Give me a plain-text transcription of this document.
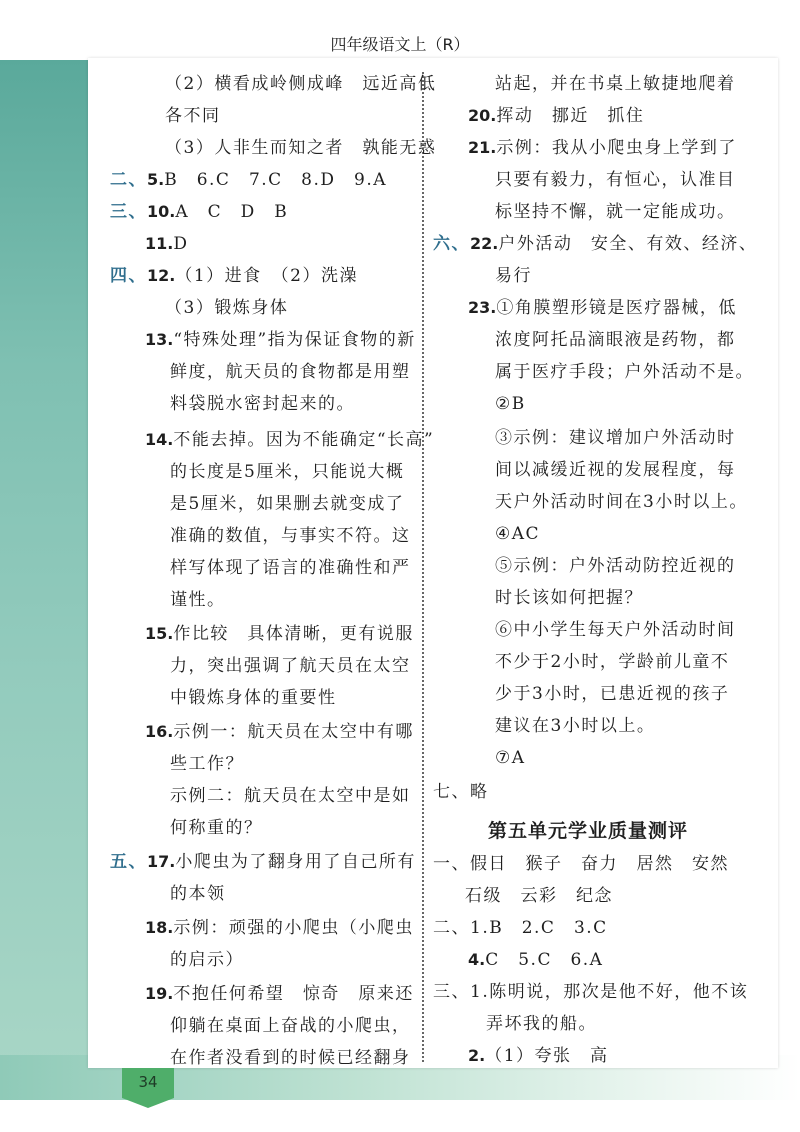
四年级语文上（R）
（2）横看成岭侧成峰　远近高低
各不同
（3）人非生而知之者　孰能无惑
二、5.B　6.C　7.C　8.D　9.A
三、10.A　C　D　B
11.D
四、12.（1）进食　（2）洗澡
（3）锻炼身体
13.“特殊处理”指为保证食物的新
鲜度，航天员的食物都是用塑
料袋脱水密封起来的。
14.不能去掉。因为不能确定“长高”
的长度是5厘米，只能说大概
是5厘米，如果删去就变成了
准确的数值，与事实不符。这
样写体现了语言的准确性和严
谨性。
15.作比较　具体清晰，更有说服
力，突出强调了航天员在太空
中锻炼身体的重要性
16.示例一：航天员在太空中有哪
些工作？
示例二：航天员在太空中是如
何称重的？
五、17.小爬虫为了翻身用了自己所有
的本领
18.示例：顽强的小爬虫（小爬虫
的启示）
19.不抱任何希望　惊奇　原来还
仰躺在桌面上奋战的小爬虫，
在作者没看到的时候已经翻身
站起，并在书桌上敏捷地爬着
20.挥动　挪近　抓住
21.示例：我从小爬虫身上学到了
只要有毅力，有恒心，认准目
标坚持不懈，就一定能成功。
六、22.户外活动　安全、有效、经济、
易行
23.①角膜塑形镜是医疗器械，低
浓度阿托品滴眼液是药物，都
属于医疗手段；户外活动不是。
②B
③示例：建议增加户外活动时
间以减缓近视的发展程度，每
天户外活动时间在3小时以上。
④AC
⑤示例：户外活动防控近视的
时长该如何把握？
⑥中小学生每天户外活动时间
不少于2小时，学龄前儿童不
少于3小时，已患近视的孩子
建议在3小时以上。
⑦A
七、略
一、假日　猴子　奋力　居然　安然
石级　云彩　纪念
二、1.B　2.C　3.C
4.C　5.C　6.A
三、1.陈明说，那次是他不好，他不该
弄坏我的船。
2.（1）夸张　高
第五单元学业质量测评
34
